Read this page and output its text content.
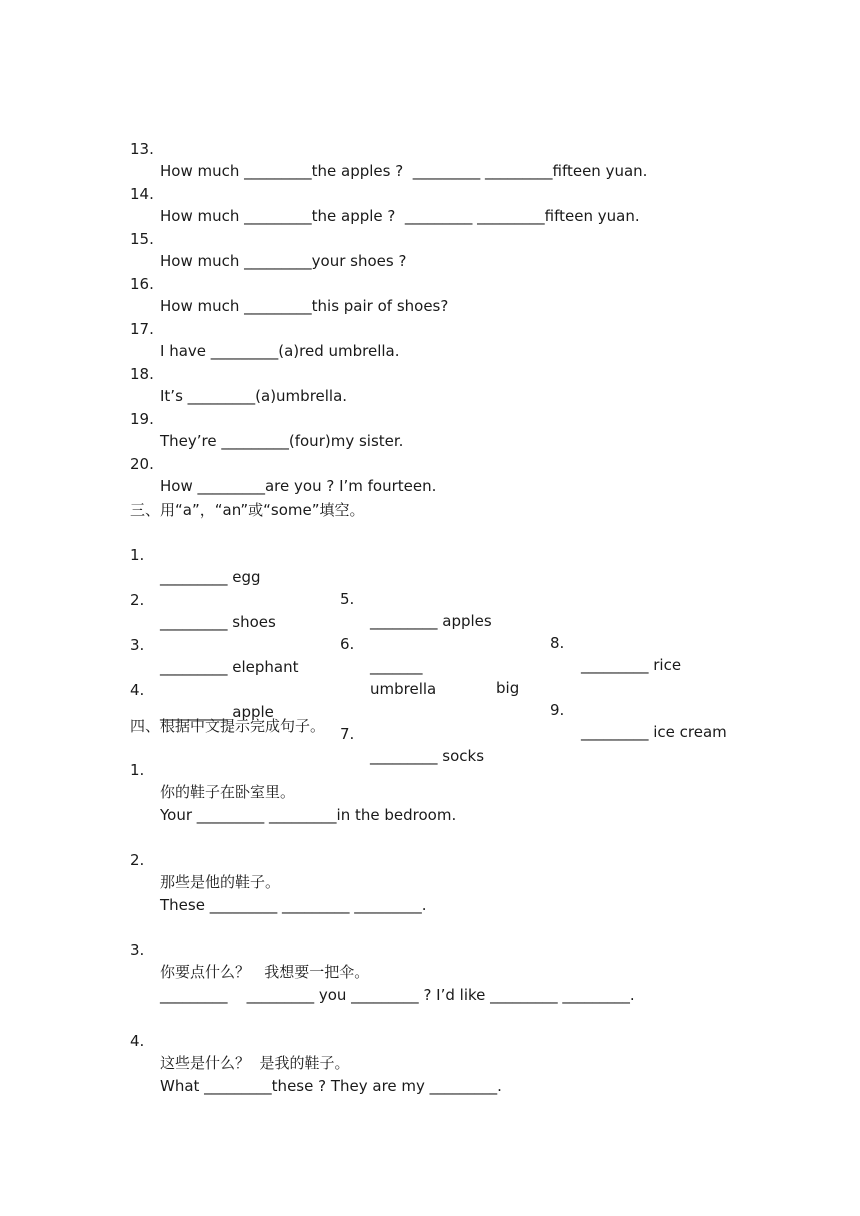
13.

How much _________the apples ?  _________ _________fifteen yuan.

14.

How much _________the apple ?  _________ _________fifteen yuan.

15.

How much _________your shoes ?

16.

How much _________this pair of shoes?

17.

I have _________(a)red umbrella.

18.

It’s _________(a)umbrella.

19.

They’re _________(four)my sister.

20.

How _________are you ? I’m fourteen.

三、用“a”，“an”或“some”填空。

1.

_________ egg

5.

_________ apples

8.

_________ rice

2.

_________ shoes

6.

_______

big

9.

_________ ice cream

3.

_________ elephant

umbrella

4.

_________ apple

7.

_________ socks

四、根据中文提示完成句子。

1.

你的鞋子在卧室里。

Your _________ _________in the bedroom.

2.

那些是他的鞋子。

These _________ _________ _________.

3.

你要点什么？   我想要一把伞。

_________    _________ you _________ ? I’d like _________ _________.

4.

这些是什么？  是我的鞋子。

What _________these ? They are my _________.
